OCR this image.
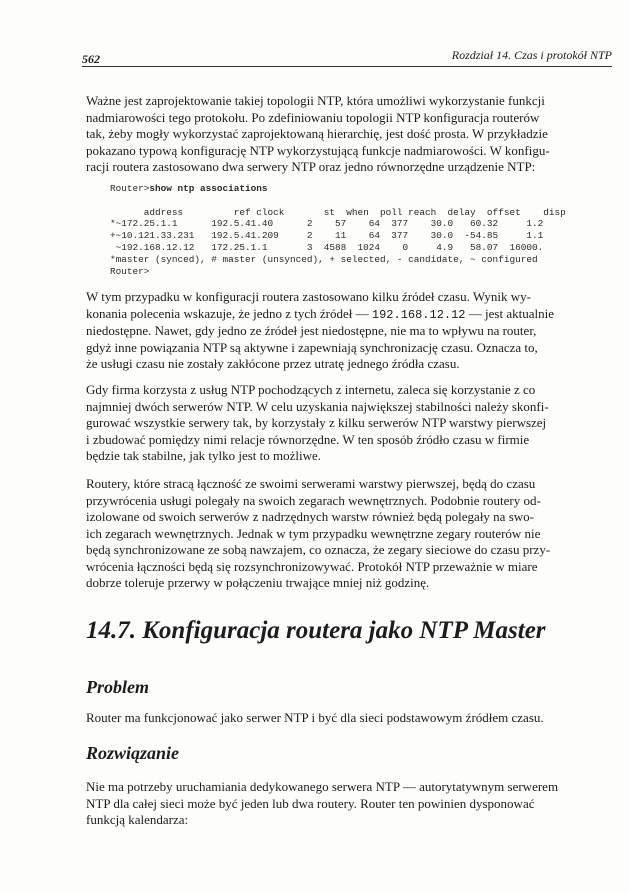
562	Rozdział 14. Czas i protokół NTP
Ważne jest zaprojektowanie takiej topologii NTP, która umożliwi wykorzystanie funkcji
nadmiarowości tego protokołu. Po zdefiniowaniu topologii NTP konfiguracja routerów
tak, żeby mogły wykorzystać zaprojektowaną hierarchię, jest dość prosta. W przykładzie
pokazano typową konfigurację NTP wykorzystującą funkcje nadmiarowości. W konfigu-
racji routera zastosowano dwa serwery NTP oraz jedno równorzędne urządzenie NTP:
Router>show ntp associations

address         ref clock       st  when  poll reach  delay  offset    disp
*~172.25.1.1      192.5.41.40      2    57    64  377    30.0   60.32     1.2
+~10.121.33.231   192.5.41.209     2    11    64  377    30.0  -54.85     1.1
~192.168.12.12   172.25.1.1       3  4588  1024    0     4.9   58.07  16000.
*master (synced), # master (unsynced), + selected, - candidate, ~ configured
Router>
W tym przypadku w konfiguracji routera zastosowano kilku źródeł czasu. Wynik wy-
konania polecenia wskazuje, że jedno z tych źródeł — 192.168.12.12 — jest aktualnie
niedostępne. Nawet, gdy jedno ze źródeł jest niedostępne, nie ma to wpływu na router,
gdyż inne powiązania NTP są aktywne i zapewniają synchronizację czasu. Oznacza to,
że usługi czasu nie zostały zakłócone przez utratę jednego źródła czasu.
Gdy firma korzysta z usług NTP pochodzących z internetu, zaleca się korzystanie z co
najmniej dwóch serwerów NTP. W celu uzyskania największej stabilności należy skonfi-
gurować wszystkie serwery tak, by korzystały z kilku serwerów NTP warstwy pierwszej
i zbudować pomiędzy nimi relacje równorzędne. W ten sposób źródło czasu w firmie
będzie tak stabilne, jak tylko jest to możliwe.
Routery, które stracą łączność ze swoimi serwerami warstwy pierwszej, będą do czasu
przywrócenia usługi polegały na swoich zegarach wewnętrznych. Podobnie routery od-
izolowane od swoich serwerów z nadrzędnych warstw również będą polegały na swo-
ich zegarach wewnętrznych. Jednak w tym przypadku wewnętrzne zegary routerów nie
będą synchronizowane ze sobą nawzajem, co oznacza, że zegary sieciowe do czasu przy-
wrócenia łączności będą się rozsynchronizowywać. Protokół NTP przeważnie w miare
dobrze toleruje przerwy w połączeniu trwające mniej niż godzinę.
14.7. Konfiguracja routera jako NTP Master
Problem
Router ma funkcjonować jako serwer NTP i być dla sieci podstawowym źródłem czasu.
Rozwiązanie
Nie ma potrzeby uruchamiania dedykowanego serwera NTP — autorytatywnym serwerem
NTP dla całej sieci może być jeden lub dwa routery. Router ten powinien dysponować
funkcją kalendarza:
